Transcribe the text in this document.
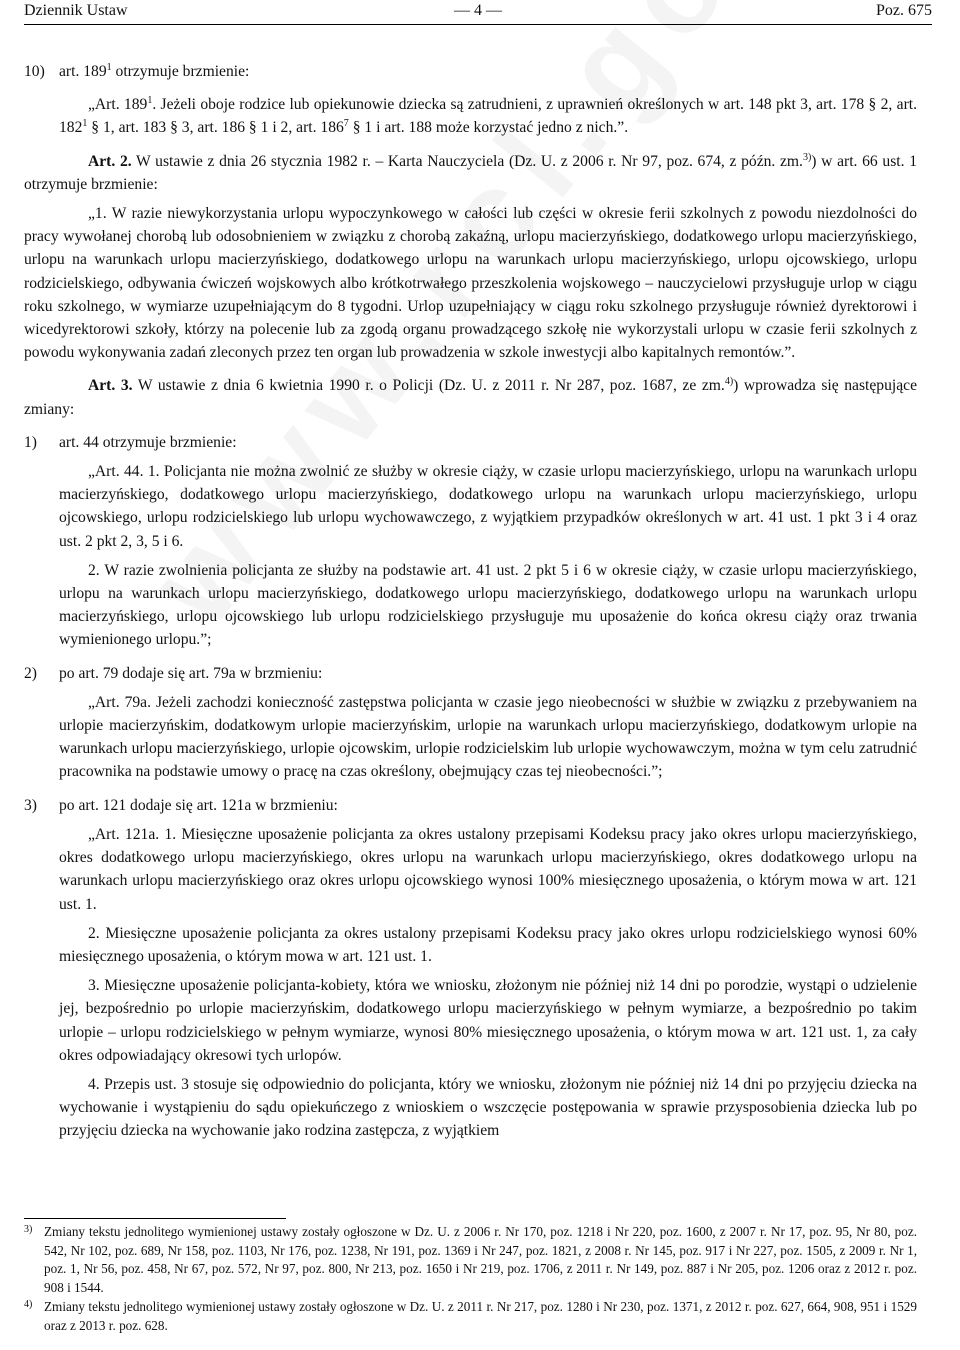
Dziennik Ustaw	— 4 —	Poz. 675

10) art. $189^1$ otrzymuje brzmienie:

„Art. $189^1$. Jeżeli oboje rodzice lub opiekunowie dziecka są zatrudnieni, z uprawnień określonych w art. 148 pkt 3, art. 178 § 2, art. $182^1$ § 1, art. 183 § 3, art. 186 § 1 i 2, art. $186^7$ § 1 i art. 188 może korzystać jedno z nich.”.

Art. 2. W ustawie z dnia 26 stycznia 1982 r. – Karta Nauczyciela (Dz. U. z 2006 r. Nr 97, poz. 674, z późn. zm.$^{3)}$) w art. 66 ust. 1 otrzymuje brzmienie:

„1. W razie niewykorzystania urlopu wypoczynkowego w całości lub części w okresie ferii szkolnych z powodu niezdolności do pracy wywołanej chorobą lub odosobnieniem w związku z chorobą zakaźną, urlopu macierzyńskiego, dodatkowego urlopu macierzyńskiego, urlopu na warunkach urlopu macierzyńskiego, dodatkowego urlopu na warunkach urlopu macierzyńskiego, urlopu ojcowskiego, urlopu rodzicielskiego, odbywania ćwiczeń wojskowych albo krótkotrwałego przeszkolenia wojskowego – nauczycielowi przysługuje urlop w ciągu roku szkolnego, w wymiarze uzupełniającym do 8 tygodni. Urlop uzupełniający w ciągu roku szkolnego przysługuje również dyrektorowi i wicedyrektorowi szkoły, którzy na polecenie lub za zgodą organu prowadzącego szkołę nie wykorzystali urlopu w czasie ferii szkolnych z powodu wykonywania zadań zleconych przez ten organ lub prowadzenia w szkole inwestycji albo kapitalnych remontów.”.

Art. 3. W ustawie z dnia 6 kwietnia 1990 r. o Policji (Dz. U. z 2011 r. Nr 287, poz. 1687, ze zm.$^{4)}$) wprowadza się następujące zmiany:

1) art. 44 otrzymuje brzmienie:

„Art. 44. 1. Policjanta nie można zwolnić ze służby w okresie ciąży, w czasie urlopu macierzyńskiego, urlopu na warunkach urlopu macierzyńskiego, dodatkowego urlopu macierzyńskiego, dodatkowego urlopu na warunkach urlopu macierzyńskiego, urlopu ojcowskiego, urlopu rodzicielskiego lub urlopu wychowawczego, z wyjątkiem przypadków określonych w art. 41 ust. 1 pkt 3 i 4 oraz ust. 2 pkt 2, 3, 5 i 6.

2. W razie zwolnienia policjanta ze służby na podstawie art. 41 ust. 2 pkt 5 i 6 w okresie ciąży, w czasie urlopu macierzyńskiego, urlopu na warunkach urlopu macierzyńskiego, dodatkowego urlopu macierzyńskiego, dodatkowego urlopu na warunkach urlopu macierzyńskiego, urlopu ojcowskiego lub urlopu rodzicielskiego przysługuje mu uposażenie do końca okresu ciąży oraz trwania wymienionego urlopu.”;

2) po art. 79 dodaje się art. 79a w brzmieniu:

„Art. 79a. Jeżeli zachodzi konieczność zastępstwa policjanta w czasie jego nieobecności w służbie w związku z przebywaniem na urlopie macierzyńskim, dodatkowym urlopie macierzyńskim, urlopie na warunkach urlopu macierzyńskiego, dodatkowym urlopie na warunkach urlopu macierzyńskiego, urlopie ojcowskim, urlopie rodzicielskim lub urlopie wychowawczym, można w tym celu zatrudnić pracownika na podstawie umowy o pracę na czas określony, obejmujący czas tej nieobecności.”;

3) po art. 121 dodaje się art. 121a w brzmieniu:

„Art. 121a. 1. Miesięczne uposażenie policjanta za okres ustalony przepisami Kodeksu pracy jako okres urlopu macierzyńskiego, okres dodatkowego urlopu macierzyńskiego, okres urlopu na warunkach urlopu macierzyńskiego, okres dodatkowego urlopu na warunkach urlopu macierzyńskiego oraz okres urlopu ojcowskiego wynosi 100% miesięcznego uposażenia, o którym mowa w art. 121 ust. 1.

2. Miesięczne uposażenie policjanta za okres ustalony przepisami Kodeksu pracy jako okres urlopu rodzicielskiego wynosi 60% miesięcznego uposażenia, o którym mowa w art. 121 ust. 1.

3. Miesięczne uposażenie policjanta-kobiety, która we wniosku, złożonym nie później niż 14 dni po porodzie, wystąpi o udzielenie jej, bezpośrednio po urlopie macierzyńskim, dodatkowego urlopu macierzyńskiego w pełnym wymiarze, a bezpośrednio po takim urlopie – urlopu rodzicielskiego w pełnym wymiarze, wynosi 80% miesięcznego uposażenia, o którym mowa w art. 121 ust. 1, za cały okres odpowiadający okresowi tych urlopów.

4. Przepis ust. 3 stosuje się odpowiednio do policjanta, który we wniosku, złożonym nie później niż 14 dni po przyjęciu dziecka na wychowanie i wystąpieniu do sądu opiekuńczego z wnioskiem o wszczęcie postępowania w sprawie przysposobienia dziecka lub po przyjęciu dziecka na wychowanie jako rodzina zastępcza, z wyjątkiem

3) Zmiany tekstu jednolitego wymienionej ustawy zostały ogłoszone w Dz. U. z 2006 r. Nr 170, poz. 1218 i Nr 220, poz. 1600, z 2007 r. Nr 17, poz. 95, Nr 80, poz. 542, Nr 102, poz. 689, Nr 158, poz. 1103, Nr 176, poz. 1238, Nr 191, poz. 1369 i Nr 247, poz. 1821, z 2008 r. Nr 145, poz. 917 i Nr 227, poz. 1505, z 2009 r. Nr 1, poz. 1, Nr 56, poz. 458, Nr 67, poz. 572, Nr 97, poz. 800, Nr 213, poz. 1650 i Nr 219, poz. 1706, z 2011 r. Nr 149, poz. 887 i Nr 205, poz. 1206 oraz z 2012 r. poz. 908 i 1544.
4) Zmiany tekstu jednolitego wymienionej ustawy zostały ogłoszone w Dz. U. z 2011 r. Nr 217, poz. 1280 i Nr 230, poz. 1371, z 2012 r. poz. 627, 664, 908, 951 i 1529 oraz z 2013 r. poz. 628.
